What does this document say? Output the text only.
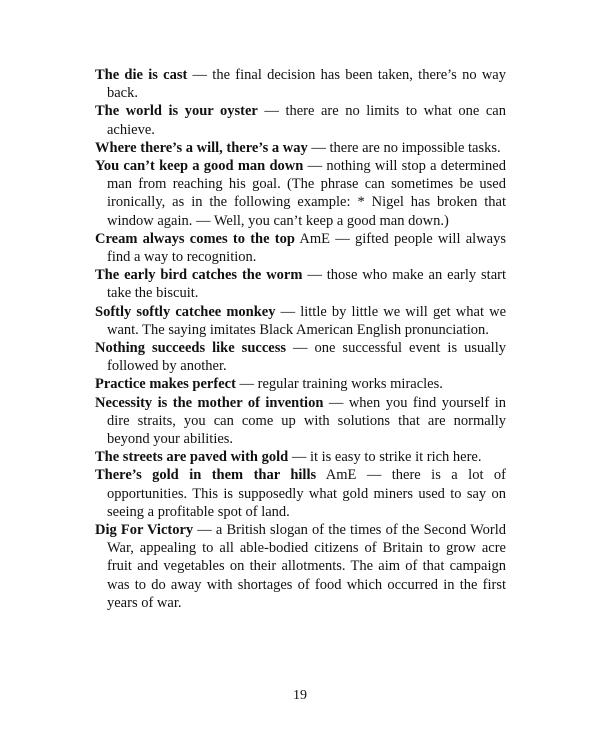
The die is cast — the final decision has been taken, there’s no way back.

The world is your oyster — there are no limits to what one can achieve.

Where there’s a will, there’s a way — there are no impossible tasks.

You can’t keep a good man down — nothing will stop a determined man from reaching his goal. (The phrase can sometimes be used ironically, as in the following example: * Nigel has broken that window again. — Well, you can’t keep a good man down.)

Cream always comes to the top AmE — gifted people will always find a way to recognition.

The early bird catches the worm — those who make an early start take the biscuit.

Softly softly catchee monkey — little by little we will get what we want. The saying imitates Black American English pronunciation.

Nothing succeeds like success — one successful event is usually followed by another.

Practice makes perfect — regular training works miracles.

Necessity is the mother of invention — when you find yourself in dire straits, you can come up with solutions that are normally beyond your abilities.

The streets are paved with gold — it is easy to strike it rich here.

There’s gold in them thar hills AmE — there is a lot of opportunities. This is supposedly what gold miners used to say on seeing a profitable spot of land.

Dig For Victory — a British slogan of the times of the Second World War, appealing to all able-bodied citizens of Britain to grow acre fruit and vegetables on their allotments. The aim of that campaign was to do away with shortages of food which occurred in the first years of war.

19
